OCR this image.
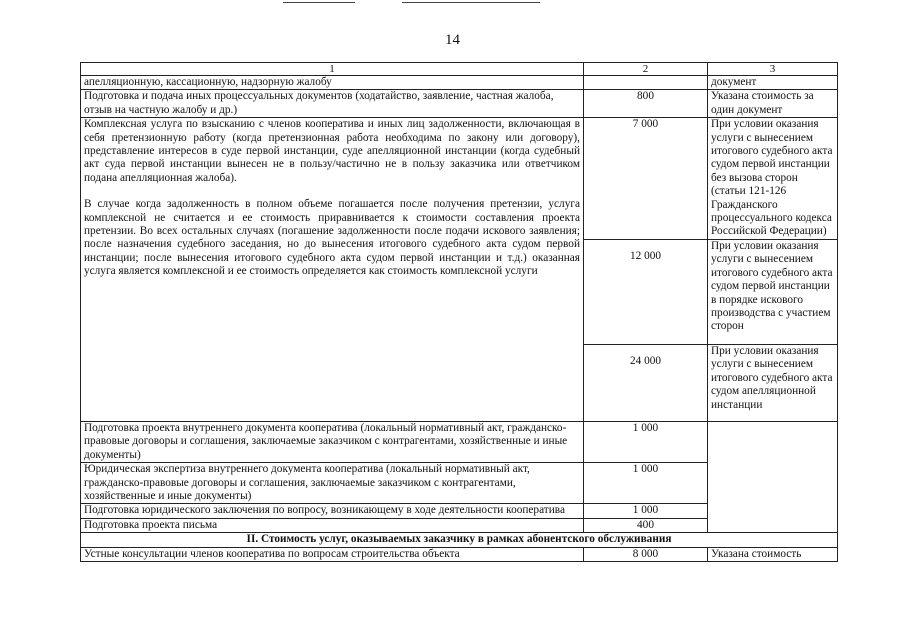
14
1	2	3
апелляционную, кассационную, надзорную жалобу		документ
Подготовка и подача иных процессуальных документов (ходатайство, заявление, частная жалоба, отзыв на частную жалобу и др.)	800	Указана стоимость за один документ

Комплексная услуга по взысканию с членов кооператива и иных лиц задолженности, включающая в себя претензионную работу (когда претензионная работа необходима по закону или договору), представление интересов в суде первой инстанции, суде апелляционной инстанции (когда судебный акт суда первой инстанции вынесен не в пользу/частично не в пользу заказчика или ответчиком подана апелляционная жалоба).
В случае когда задолженность в полном объеме погашается после получения претензии, услуга комплексной не считается и ее стоимость приравнивается к стоимости составления проекта претензии. Во всех остальных случаях (погашение задолженности после подачи искового заявления; после назначения судебного заседания, но до вынесения итогового судебного акта судом первой инстанции; после вынесения итогового судебного акта судом первой инстанции и т.д.) оказанная услуга является комплексной и ее стоимость определяется как стоимость комплексной услуги	7 000	При условии оказания услуги с вынесением итогового судебного акта судом первой инстанции без вызова сторон (статьи 121-126 Гражданского процессуального кодекса Российской Федерации)
	12 000	При условии оказания услуги с вынесением итогового судебного акта судом первой инстанции в порядке искового производства с участием сторон
	24 000	При условии оказания услуги с вынесением итогового судебного акта судом апелляционной инстанции
Подготовка проекта внутреннего документа кооператива (локальный нормативный акт, гражданско-правовые договоры и соглашения, заключаемые заказчиком с контрагентами, хозяйственные и иные документы)	1 000	
Юридическая экспертиза внутреннего документа кооператива (локальный нормативный акт, гражданско-правовые договоры и соглашения, заключаемые заказчиком с контрагентами, хозяйственные и иные документы)	1 000	
Подготовка юридического заключения по вопросу, возникающему в ходе деятельности кооператива	1 000	
Подготовка проекта письма	400	
II. Стоимость услуг, оказываемых заказчику в рамках абонентского обслуживания		
Устные консультации членов кооператива по вопросам строительства объекта	8 000	Указана стоимость
